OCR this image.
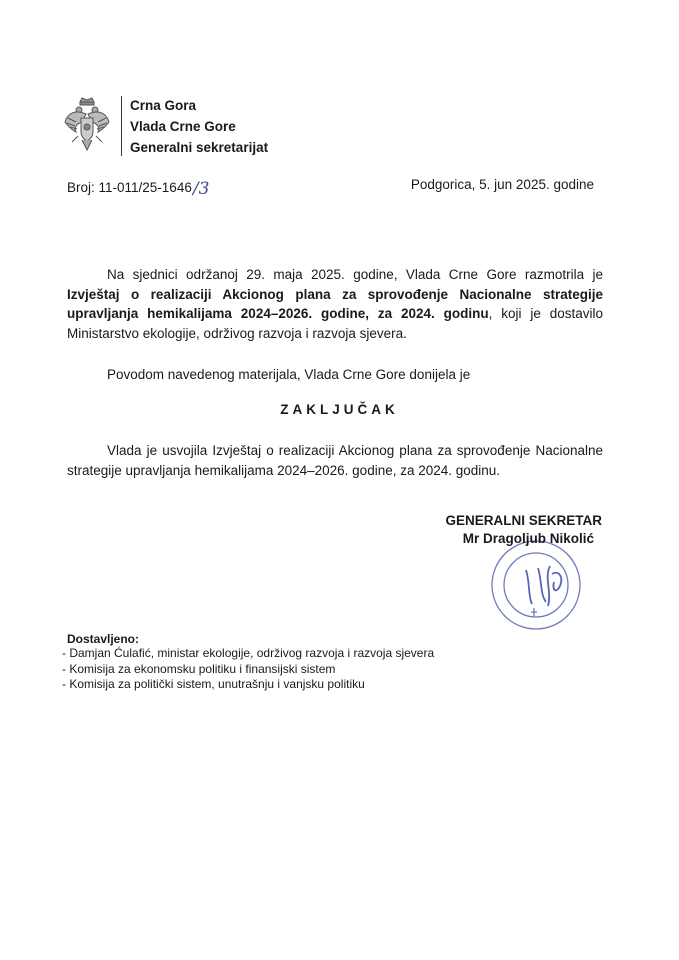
Crna Gora
Vlada Crne Gore
Generalni sekretarijat
Broj: 11-011/25-1646/3	Podgorica, 5. jun 2025. godine
Na sjednici održanoj 29. maja 2025. godine, Vlada Crne Gore razmotrila je Izvještaj o realizaciji Akcionog plana za sprovođenje Nacionalne strategije upravljanja hemikalijama 2024–2026. godine, za 2024. godinu, koji je dostavilo Ministarstvo ekologije, održivog razvoja i razvoja sjevera.
Povodom navedenog materijala, Vlada Crne Gore donijela je
ZAKLJUČAK
Vlada je usvojila Izvještaj o realizaciji Akcionog plana za sprovođenje Nacionalne strategije upravljanja hemikalijama 2024–2026. godine, za 2024. godinu.
GENERALNI SEKRETAR
Mr Dragoljub Nikolić
Dostavljeno:
- Damjan Ćulafić, ministar ekologije, održivog razvoja i razvoja sjevera
- Komisija za ekonomsku politiku i finansijski sistem
- Komisija za politički sistem, unutrašnju i vanjsku politiku
